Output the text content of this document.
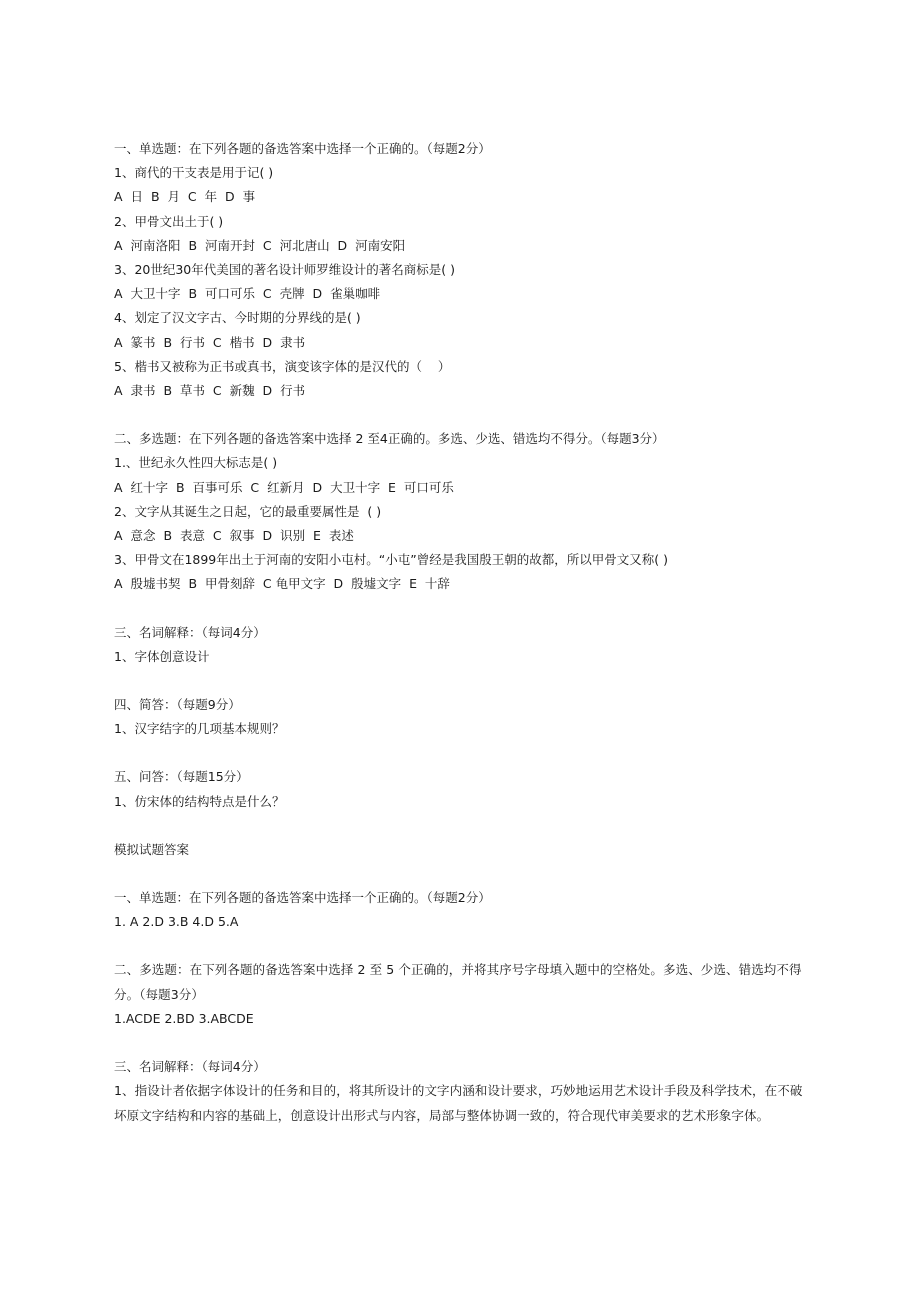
一、单选题：在下列各题的备选答案中选择一个正确的。（每题2分）
1、商代的干支表是用于记( )
A  日  B  月  C  年  D  事
2、甲骨文出土于( )
A  河南洛阳  B  河南开封  C  河北唐山  D  河南安阳
3、20世纪30年代美国的著名设计师罗维设计的著名商标是( )
A  大卫十字  B  可口可乐  C  壳牌  D  雀巢咖啡
4、划定了汉文字古、今时期的分界线的是( )
A  篆书  B  行书  C  楷书  D  隶书
5、楷书又被称为正书或真书，演变该字体的是汉代的（    ）
A  隶书  B  草书  C  新魏  D  行书
二、多选题：在下列各题的备选答案中选择 2 至4正确的。多选、少选、错选均不得分。（每题3分）
1.、世纪永久性四大标志是( )
A  红十字  B  百事可乐  C  红新月  D  大卫十字  E  可口可乐
2、文字从其诞生之日起，它的最重要属性是  ( )
A  意念  B  表意  C  叙事  D  识别  E  表述
3、甲骨文在1899年出土于河南的安阳小屯村。“小屯”曾经是我国殷王朝的故都，所以甲骨文又称( )
A  殷墟书契  B  甲骨刻辞  C 龟甲文字  D  殷墟文字  E  十辞
三、名词解释：（每词4分）
1、字体创意设计
四、简答：（每题9分）
1、汉字结字的几项基本规则？
五、问答：（每题15分）
1、仿宋体的结构特点是什么？
模拟试题答案
一、单选题：在下列各题的备选答案中选择一个正确的。（每题2分）
1. A 2.D 3.B 4.D 5.A
二、多选题：在下列各题的备选答案中选择 2 至 5 个正确的，并将其序号字母填入题中的空格处。多选、少选、错选均不得分。（每题3分）
1.ACDE 2.BD 3.ABCDE
三、名词解释：（每词4分）
1、指设计者依据字体设计的任务和目的，将其所设计的文字内涵和设计要求，巧妙地运用艺术设计手段及科学技术，在不破坏原文字结构和内容的基础上，创意设计出形式与内容，局部与整体协调一致的，符合现代审美要求的艺术形象字体。
